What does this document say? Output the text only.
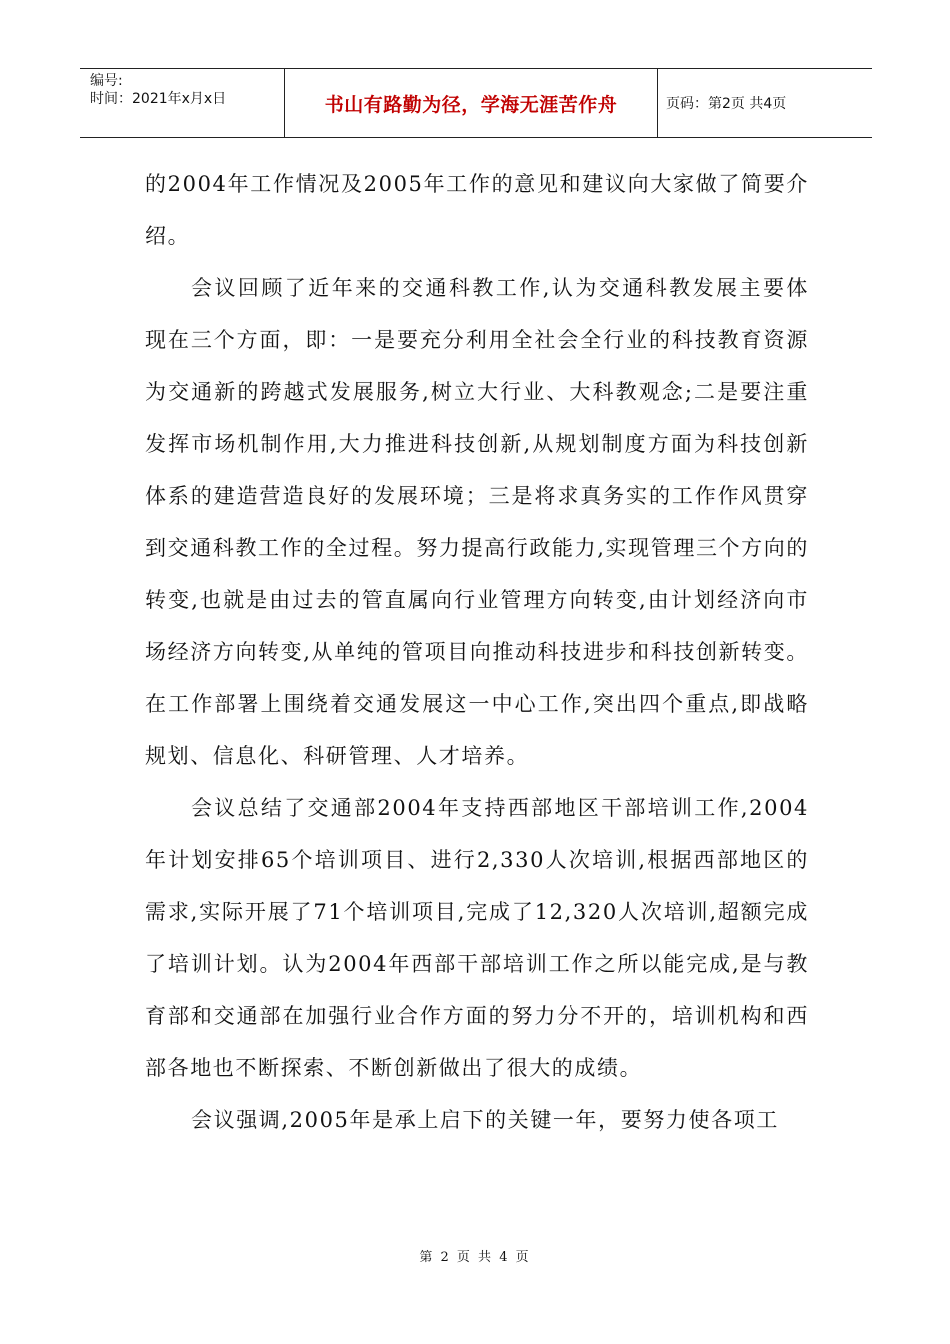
编号:
时间：2021年x月x日	书山有路勤为径，学海无涯苦作舟	页码：第2页 共4页

的2004年工作情况及2005年工作的意见和建议向大家做了简要介绍。

会议回顾了近年来的交通科教工作,认为交通科教发展主要体现在三个方面，即：一是要充分利用全社会全行业的科技教育资源为交通新的跨越式发展服务,树立大行业、大科教观念;二是要注重发挥市场机制作用,大力推进科技创新,从规划制度方面为科技创新体系的建造营造良好的发展环境；三是将求真务实的工作作风贯穿到交通科教工作的全过程。努力提高行政能力,实现管理三个方向的转变,也就是由过去的管直属向行业管理方向转变,由计划经济向市场经济方向转变,从单纯的管项目向推动科技进步和科技创新转变。在工作部署上围绕着交通发展这一中心工作,突出四个重点,即战略规划、信息化、科研管理、人才培养。

会议总结了交通部2004年支持西部地区干部培训工作,2004年计划安排65个培训项目、进行2,330人次培训,根据西部地区的需求,实际开展了71个培训项目,完成了12,320人次培训,超额完成了培训计划。认为2004年西部干部培训工作之所以能完成,是与教育部和交通部在加强行业合作方面的努力分不开的，培训机构和西部各地也不断探索、不断创新做出了很大的成绩。

会议强调,2005年是承上启下的关键一年，要努力使各项工

第 2 页 共 4 页
